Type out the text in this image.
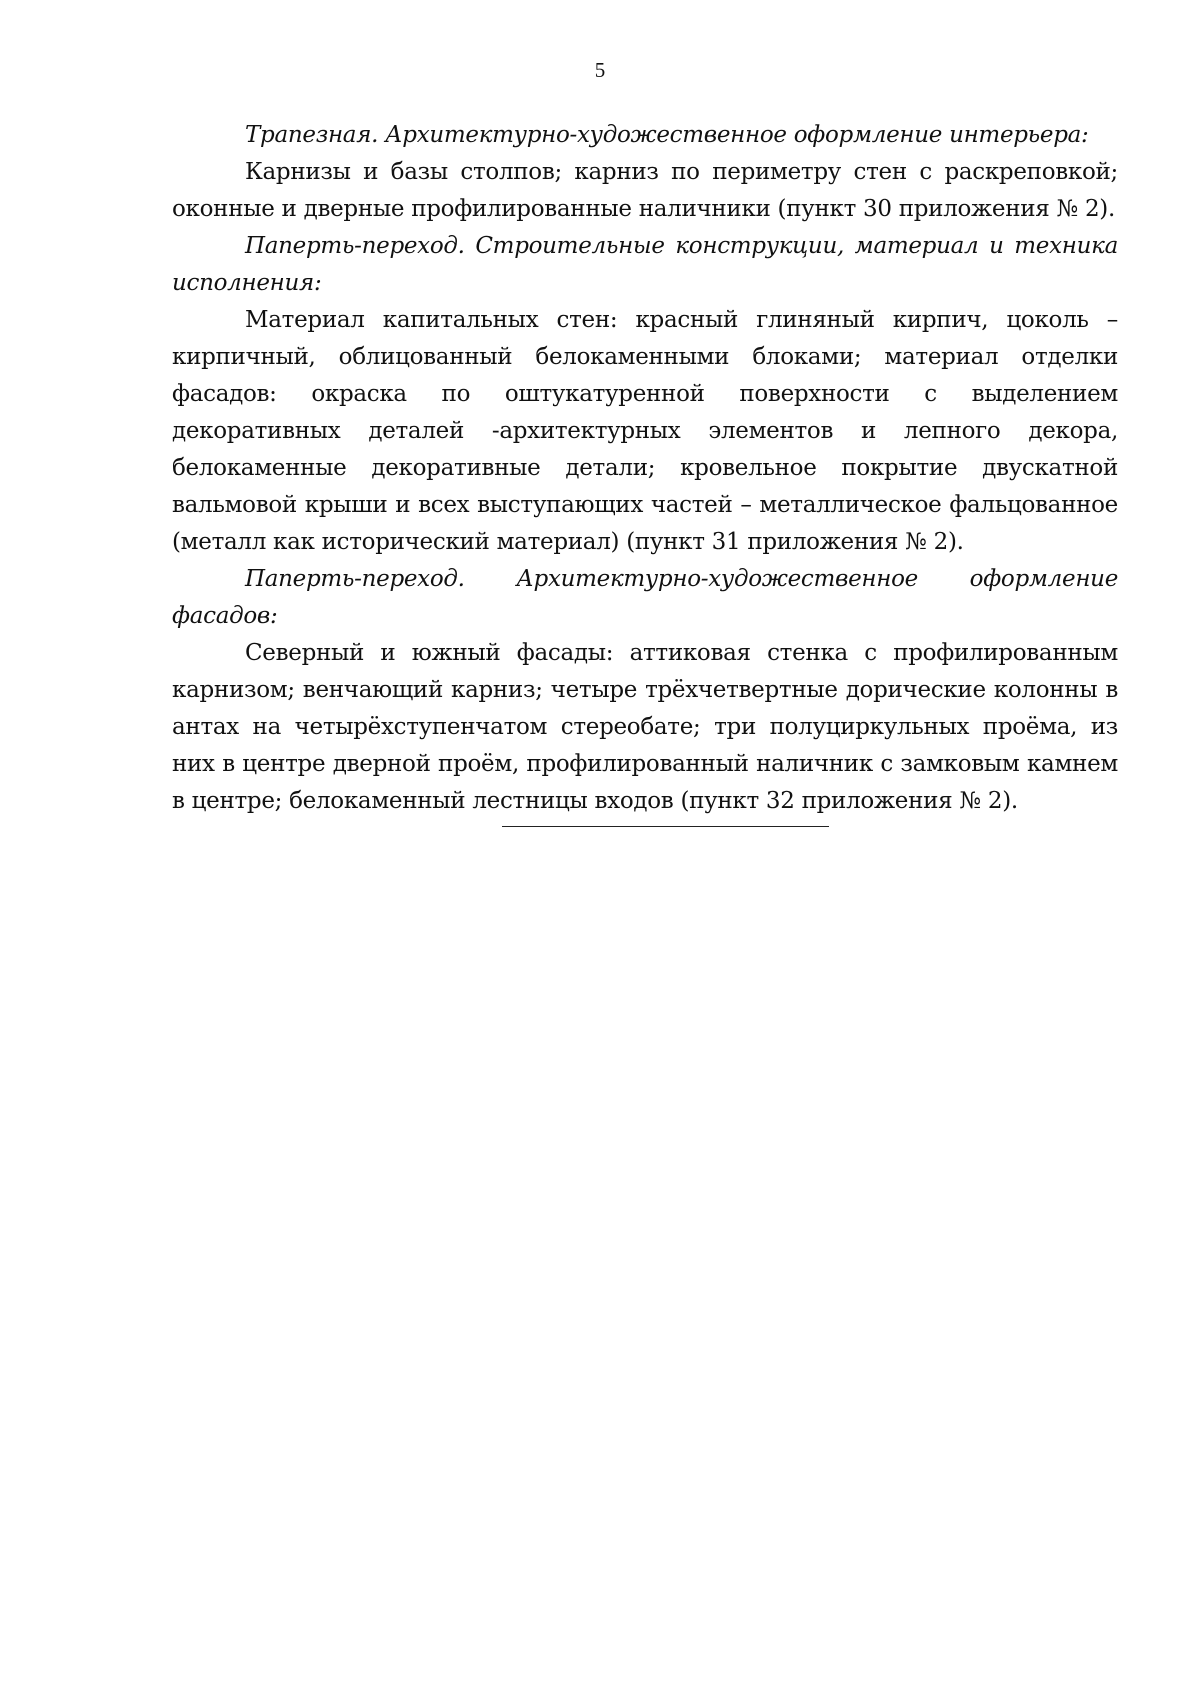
5

Трапезная. Архитектурно-художественное оформление интерьера:

Карнизы и базы столпов; карниз по периметру стен с раскреповкой; оконные и дверные профилированные наличники (пункт 30 приложения № 2).

Паперть-переход. Строительные конструкции, материал и техника исполнения:

Материал капитальных стен: красный глиняный кирпич, цоколь – кирпичный, облицованный белокаменными блоками; материал отделки фасадов: окраска по оштукатуренной поверхности с выделением декоративных деталей -архитектурных элементов и лепного декора, белокаменные декоративные детали; кровельное покрытие двускатной вальмовой крыши и всех выступающих частей – металлическое фальцованное (металл как исторический материал) (пункт 31 приложения № 2).

Паперть-переход. Архитектурно-художественное оформление фасадов:

Северный и южный фасады: аттиковая стенка с профилированным карнизом; венчающий карниз; четыре трёхчетвертные дорические колонны в антах на четырёхступенчатом стереобате; три полуциркульных проёма, из них в центре дверной проём, профилированный наличник с замковым камнем в центре; белокаменный лестницы входов (пункт 32 приложения № 2).
